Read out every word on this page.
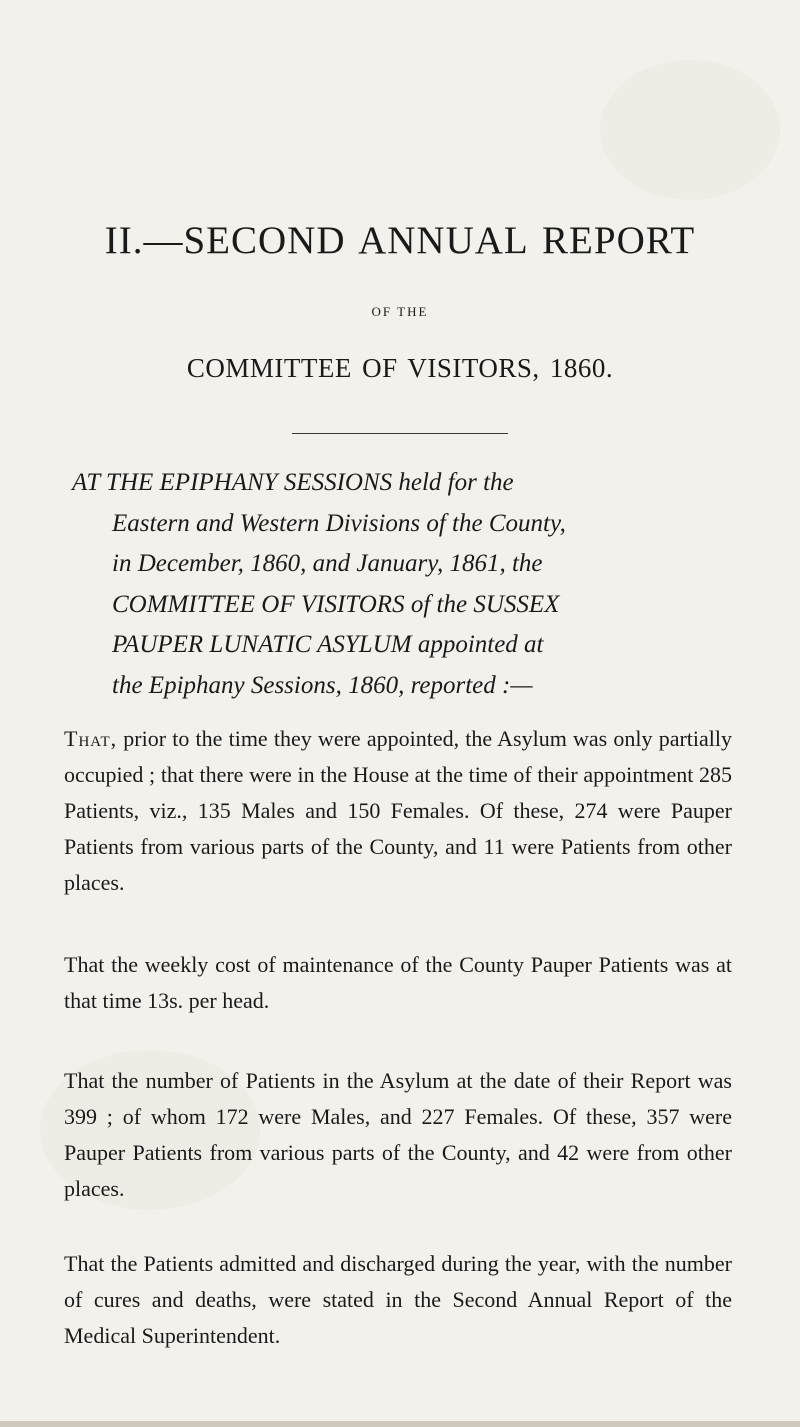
II.—SECOND ANNUAL REPORT
OF THE
COMMITTEE OF VISITORS, 1860.
AT THE EPIPHANY SESSIONS held for the
Eastern and Western Divisions of the County,
in December, 1860, and January, 1861, the
COMMITTEE OF VISITORS of the SUSSEX
PAUPER LUNATIC ASYLUM appointed at
the Epiphany Sessions, 1860, reported :—

That, prior to the time they were appointed, the Asylum was only partially occupied ; that there were in the House at the time of their appointment 285 Patients, viz., 135 Males and 150 Females. Of these, 274 were Pauper Patients from various parts of the County, and 11 were Patients from other places.

That the weekly cost of maintenance of the County Pauper Patients was at that time 13s. per head.

That the number of Patients in the Asylum at the date of their Report was 399 ; of whom 172 were Males, and 227 Females. Of these, 357 were Pauper Patients from various parts of the County, and 42 were from other places.

That the Patients admitted and discharged during the year, with the number of cures and deaths, were stated in the Second Annual Report of the Medical Superintendent.
